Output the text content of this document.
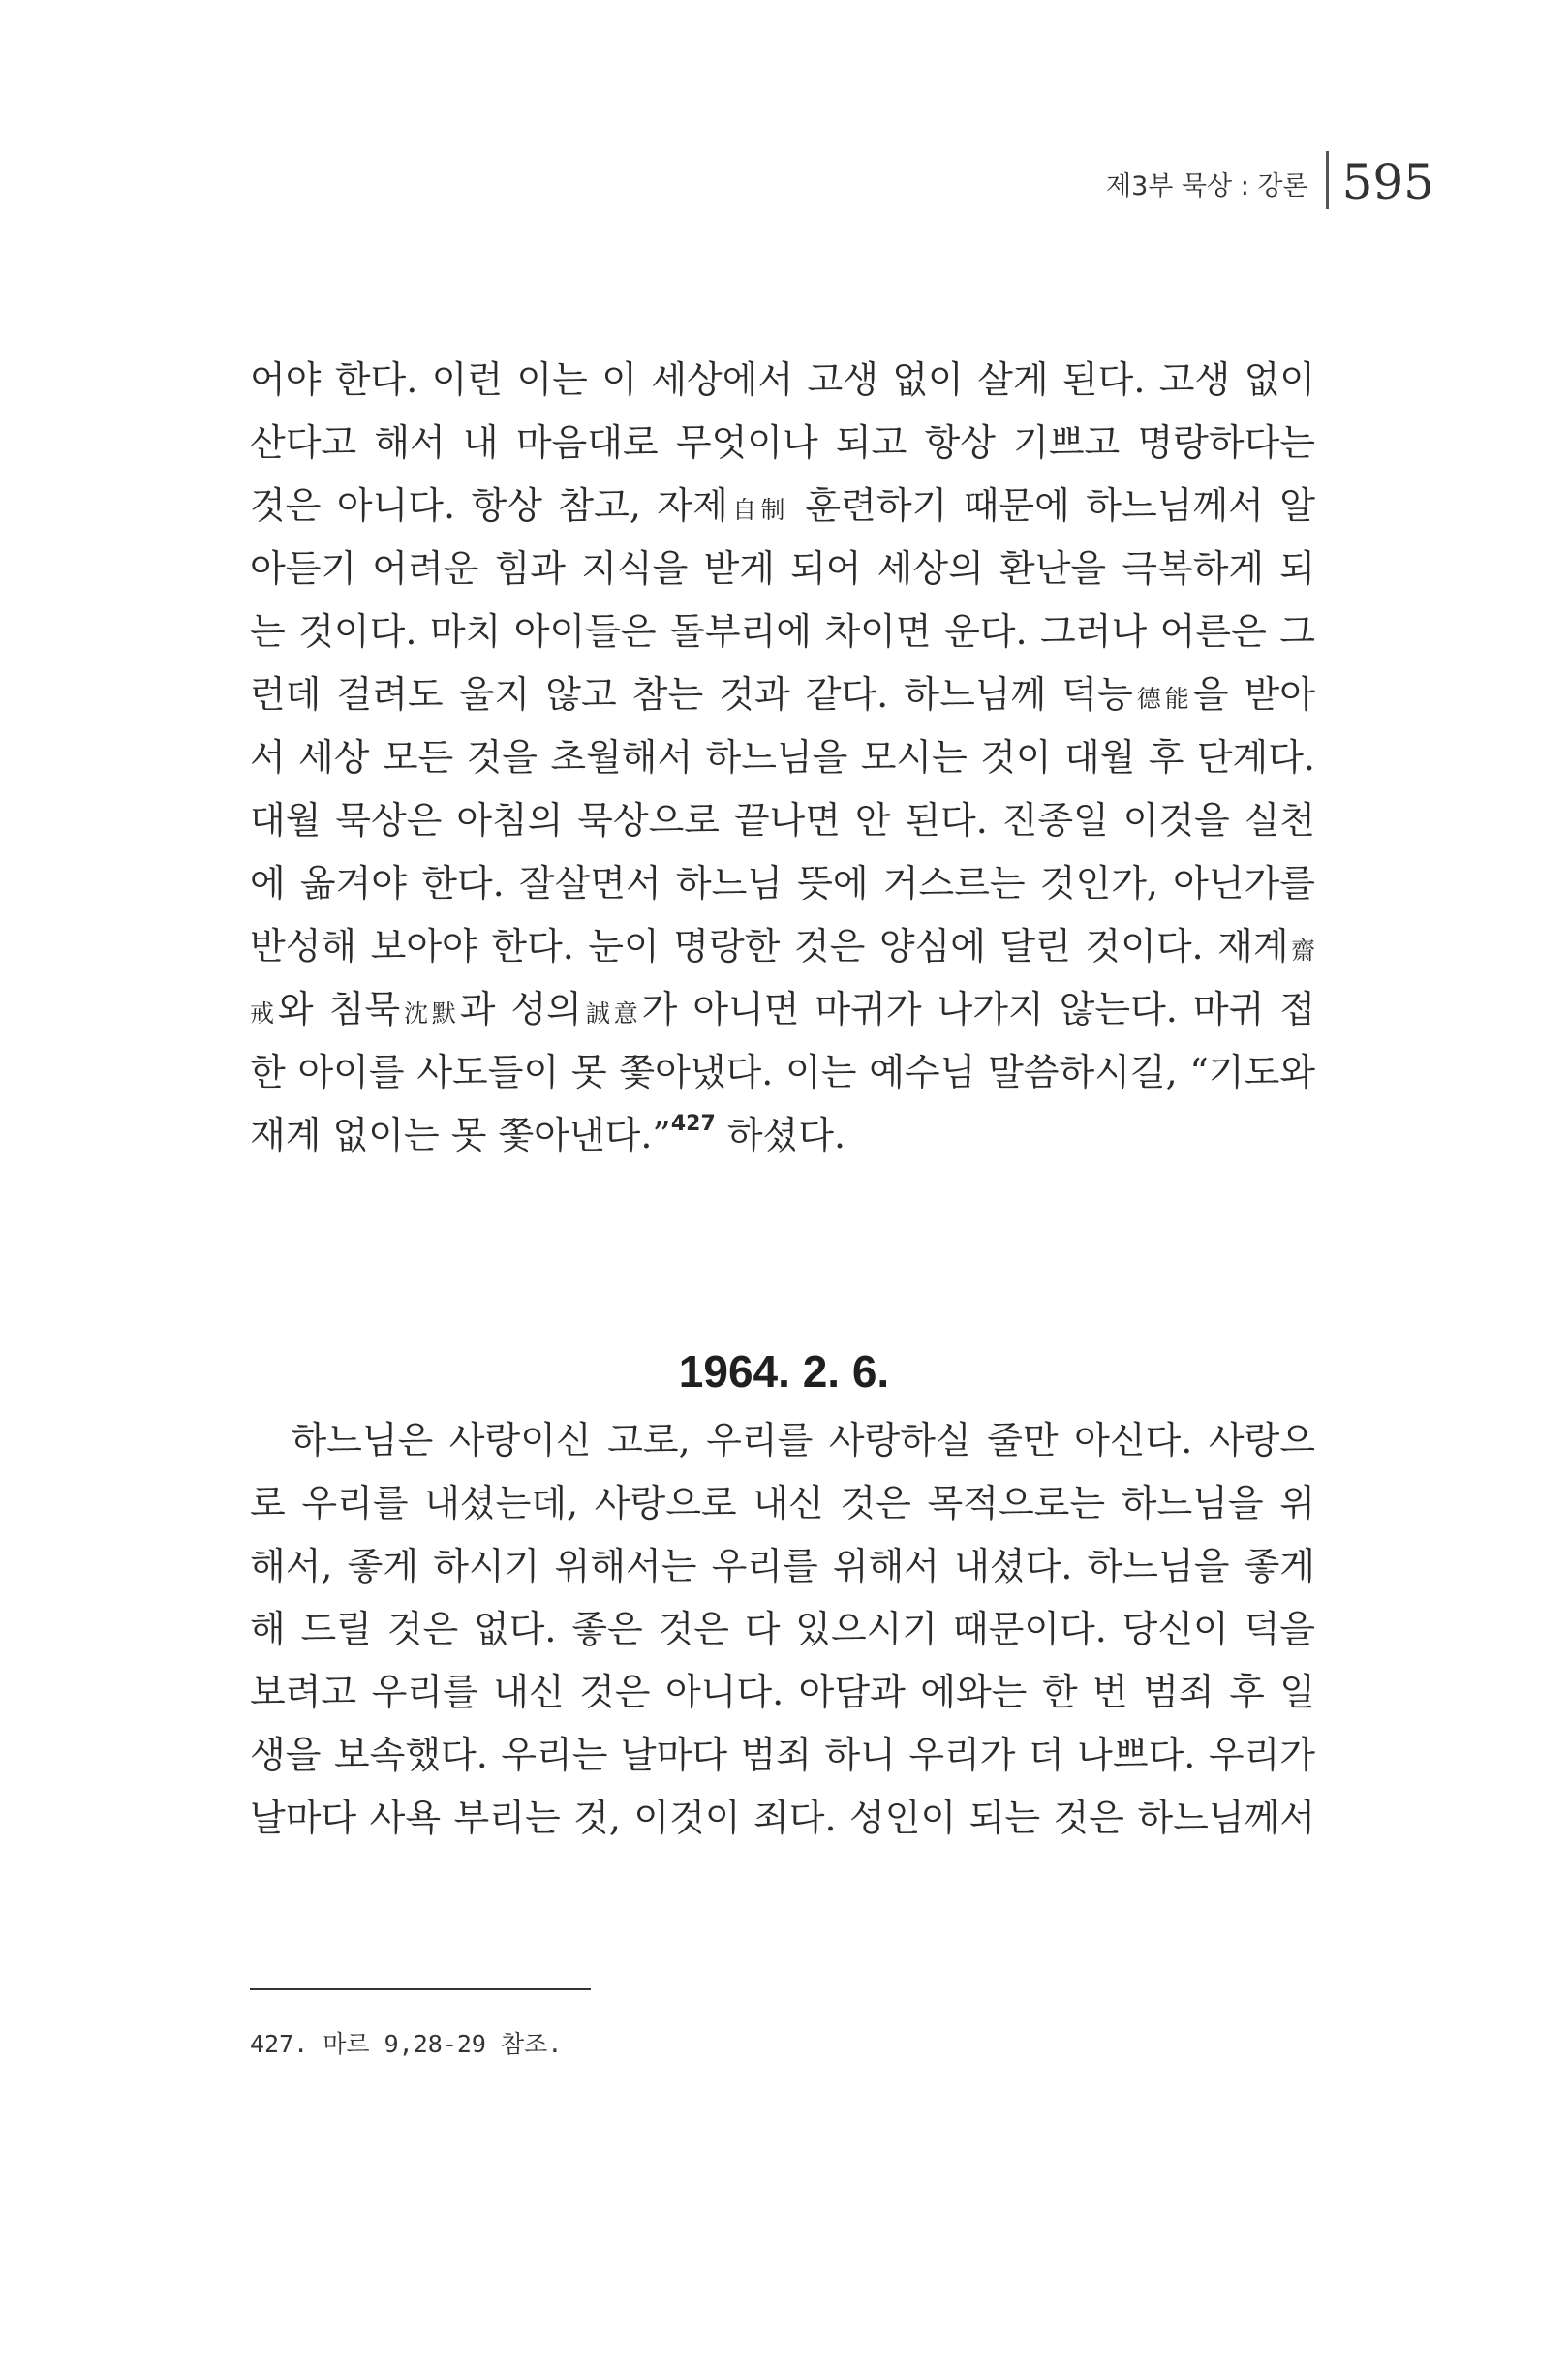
제3부 묵상 : 강론 595
어야 한다. 이런 이는 이 세상에서 고생 없이 살게 된다. 고생 없이
산다고 해서 내 마음대로 무엇이나 되고 항상 기쁘고 명랑하다는
것은 아니다. 항상 참고, 자제自制 훈련하기 때문에 하느님께서 알
아듣기 어려운 힘과 지식을 받게 되어 세상의 환난을 극복하게 되
는 것이다. 마치 아이들은 돌부리에 차이면 운다. 그러나 어른은 그
런데 걸려도 울지 않고 참는 것과 같다. 하느님께 덕능德能을 받아
서 세상 모든 것을 초월해서 하느님을 모시는 것이 대월 후 단계다.
대월 묵상은 아침의 묵상으로 끝나면 안 된다. 진종일 이것을 실천
에 옮겨야 한다. 잘살면서 하느님 뜻에 거스르는 것인가, 아닌가를
반성해 보아야 한다. 눈이 명랑한 것은 양심에 달린 것이다. 재계齋
戒와 침묵沈默과 성의誠意가 아니면 마귀가 나가지 않는다. 마귀 접
한 아이를 사도들이 못 쫓아냈다. 이는 예수님 말씀하시길, “기도와
재계 없이는 못 쫓아낸다.”$^{427}$ 하셨다.
1964. 2. 6.
　하느님은 사랑이신 고로, 우리를 사랑하실 줄만 아신다. 사랑으
로 우리를 내셨는데, 사랑으로 내신 것은 목적으로는 하느님을 위
해서, 좋게 하시기 위해서는 우리를 위해서 내셨다. 하느님을 좋게
해 드릴 것은 없다. 좋은 것은 다 있으시기 때문이다. 당신이 덕을
보려고 우리를 내신 것은 아니다. 아담과 에와는 한 번 범죄 후 일
생을 보속했다. 우리는 날마다 범죄 하니 우리가 더 나쁘다. 우리가
날마다 사욕 부리는 것, 이것이 죄다. 성인이 되는 것은 하느님께서
427. 마르 9,28-29 참조.
